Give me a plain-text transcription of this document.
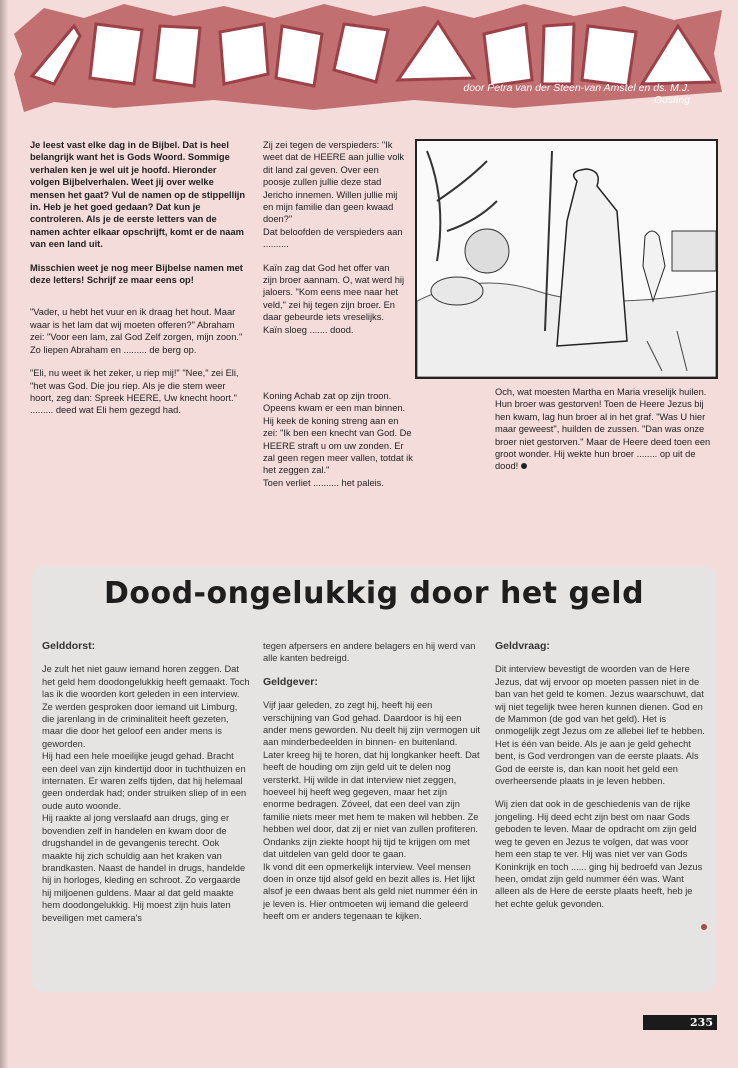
door Petra van der Steen-van Amstel en ds. M.J. Oosting

Je leest vast elke dag in de Bijbel. Dat is heel belangrijk want het is Gods Woord. Sommige verhalen ken je wel uit je hoofd. Hieronder volgen Bijbelverhalen. Weet jij over welke mensen het gaat? Vul de namen op de stippellijn in. Heb je het goed gedaan? Dat kun je controleren. Als je de eerste letters van de namen achter elkaar opschrijft, komt er de naam van een land uit.

Misschien weet je nog meer Bijbelse namen met deze letters! Schrijf ze maar eens op!

"Vader, u hebt het vuur en ik draag het hout. Maar waar is het lam dat wij moeten offeren?" Abraham zei: "Voor een lam, zal God Zelf zorgen, mijn zoon."
Zo liepen Abraham en ......... de berg op.

"Eli, nu weet ik het zeker, u riep mij!" "Nee," zei Eli, "het was God. Die jou riep. Als je die stem weer hoort, zeg dan: Spreek HEERE, Uw knecht hoort."
......... deed wat Eli hem gezegd had.

Zij zei tegen de verspieders: "Ik weet dat de HEERE aan jullie volk dit land zal geven. Over een poosje zullen jullie deze stad Jericho innemen. Willen jullie mij en mijn familie dan geen kwaad doen?"
Dat beloofden de verspieders aan ..........

Kaïn zag dat God het offer van zijn broer aannam. O, wat werd hij jaloers. "Kom eens mee naar het veld," zei hij tegen zijn broer. En daar gebeurde iets vreselijks. Kaïn sloeg ....... dood.

Koning Achab zat op zijn troon. Opeens kwam er een man binnen. Hij keek de koning streng aan en zei: "Ik ben een knecht van God. De HEERE straft u om uw zonden. Er zal geen regen meer vallen, totdat ik het zeggen zal."
Toen verliet .......... het paleis.

Och, wat moesten Martha en Maria vreselijk huilen. Hun broer was gestorven! Toen de Heere Jezus bij hen kwam, lag hun broer al in het graf. "Was U hier maar geweest", huilden de zussen. "Dan was onze broer niet gestorven." Maar de Heere deed toen een groot wonder. Hij wekte hun broer ........ op uit de dood!

Dood-ongelukkig door het geld

Gelddorst:

Je zult het niet gauw iemand horen zeggen. Dat het geld hem doodongelukkig heeft gemaakt. Toch las ik die woorden kort geleden in een interview. Ze werden gesproken door iemand uit Limburg, die jarenlang in de criminaliteit heeft gezeten, maar die door het geloof een ander mens is geworden.

Hij had een hele moeilijke jeugd gehad. Bracht een deel van zijn kindertijd door in tuchthuizen en internaten. Er waren zelfs tijden, dat hij helemaal geen onderdak had; onder struiken sliep of in een oude auto woonde.

Hij raakte al jong verslaafd aan drugs, ging er bovendien zelf in handelen en kwam door de drugshandel in de gevangenis terecht. Ook maakte hij zich schuldig aan het kraken van brandkasten. Naast de handel in drugs, handelde hij in horloges, kleding en schroot. Zo vergaarde hij miljoenen guldens. Maar al dat geld maakte hem doodongelukkig. Hij moest zijn huis laten beveiligen met camera's

tegen afpersers en andere belagers en hij werd van alle kanten bedreigd.

Geldgever:

Vijf jaar geleden, zo zegt hij, heeft hij een verschijning van God gehad. Daardoor is hij een ander mens geworden. Nu deelt hij zijn vermogen uit aan minderbedeelden in binnen- en buitenland. Later kreeg hij te horen, dat hij longkanker heeft. Dat heeft de houding om zijn geld uit te delen nog versterkt. Hij wilde in dat interview niet zeggen, hoeveel hij heeft weg gegeven, maar het zijn enorme bedragen. Zóveel, dat een deel van zijn familie niets meer met hem te maken wil hebben. Ze hebben wel door, dat zij er niet van zullen profiteren. Ondanks zijn ziekte hoopt hij tijd te krijgen om met dat uitdelen van geld door te gaan.

Ik vond dit een opmerkelijk interview. Veel mensen doen in onze tijd alsof geld en bezit alles is. Het lijkt alsof je een dwaas bent als geld niet nummer één in je leven is. Hier ontmoeten wij iemand die geleerd heeft om er anders tegenaan te kijken.

Geldvraag:

Dit interview bevestigt de woorden van de Here Jezus, dat wij ervoor op moeten passen niet in de ban van het geld te komen. Jezus waarschuwt, dat wij niet tegelijk twee heren kunnen dienen. God en de Mammon (de god van het geld). Het is onmogelijk zegt Jezus om ze allebei lief te hebben. Het is één van beide. Als je aan je geld gehecht bent, is God verdrongen van de eerste plaats. Als God de eerste is, dan kan nooit het geld een overheersende plaats in je leven hebben.

Wij zien dat ook in de geschiedenis van de rijke jongeling. Hij deed echt zijn best om naar Gods geboden te leven. Maar de opdracht om zijn geld weg te geven en Jezus te volgen, dat was voor hem een stap te ver. Hij was niet ver van Gods Koninkrijk en toch ...... ging hij bedroefd van Jezus heen, omdat zijn geld nummer één was. Want alleen als de Here de eerste plaats heeft, heb je het echte geluk gevonden.

235
